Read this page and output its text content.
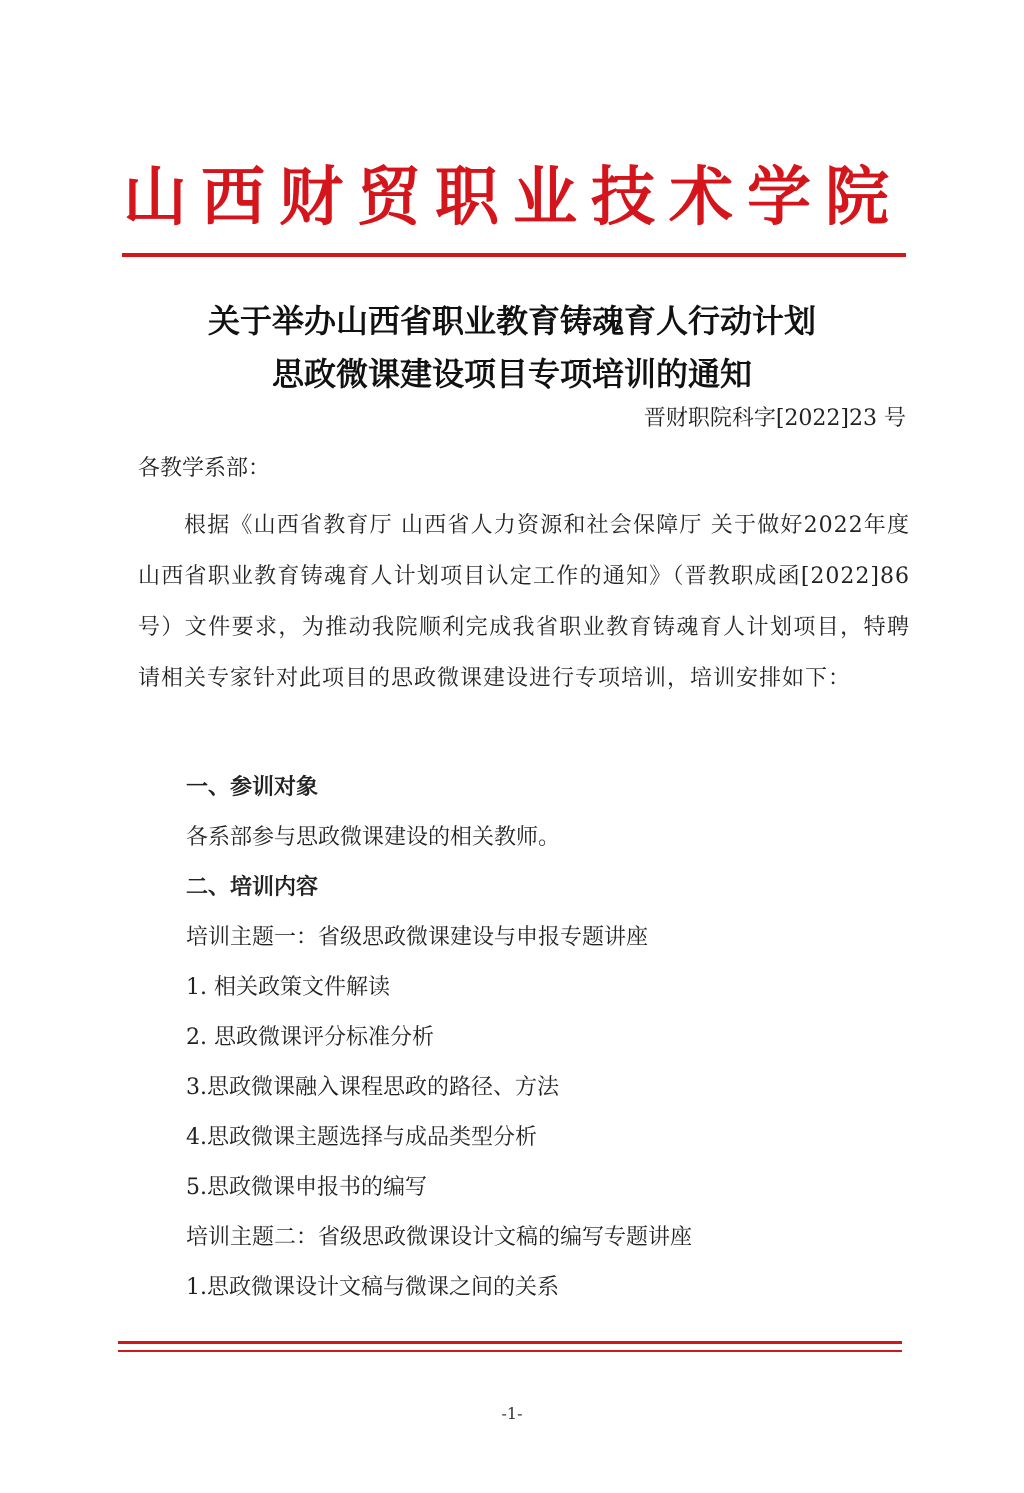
山西财贸职业技术学院
关于举办山西省职业教育铸魂育人行动计划
思政微课建设项目专项培训的通知
晋财职院科字[2022]23 号
各教学系部：
根据《山西省教育厅 山西省人力资源和社会保障厅 关于做好2022年度山西省职业教育铸魂育人计划项目认定工作的通知》（晋教职成函[2022]86号）文件要求，为推动我院顺利完成我省职业教育铸魂育人计划项目，特聘请相关专家针对此项目的思政微课建设进行专项培训，培训安排如下：
一、参训对象
各系部参与思政微课建设的相关教师。
二、培训内容
培训主题一：省级思政微课建设与申报专题讲座
1. 相关政策文件解读
2. 思政微课评分标准分析
3.思政微课融入课程思政的路径、方法
4.思政微课主题选择与成品类型分析
5.思政微课申报书的编写
培训主题二：省级思政微课设计文稿的编写专题讲座
1.思政微课设计文稿与微课之间的关系
-1-
